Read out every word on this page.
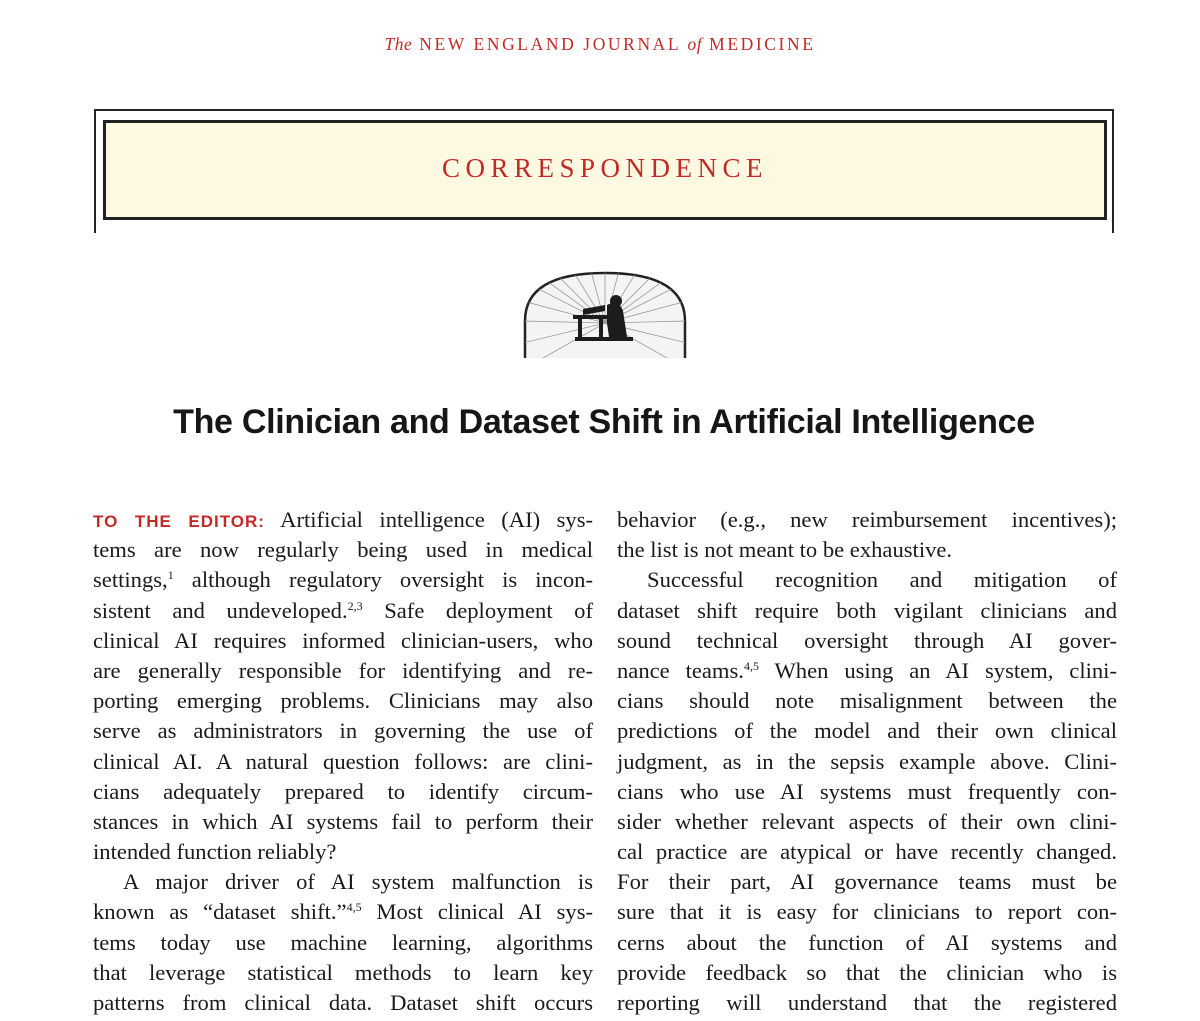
The NEW ENGLAND JOURNAL of MEDICINE
CORRESPONDENCE
The Clinician and Dataset Shift in Artificial Intelligence
TO THE EDITOR: Artificial intelligence (AI) sys-
tems are now regularly being used in medical
settings,$^1$ although regulatory oversight is incon-
sistent and undeveloped.$^{2,3}$ Safe deployment of
clinical AI requires informed clinician-users, who
are generally responsible for identifying and re-
porting emerging problems. Clinicians may also
serve as administrators in governing the use of
clinical AI. A natural question follows: are clini-
cians adequately prepared to identify circum-
stances in which AI systems fail to perform their
intended function reliably?
A major driver of AI system malfunction is
known as “dataset shift.”$^{4,5}$ Most clinical AI sys-
tems today use machine learning, algorithms
that leverage statistical methods to learn key
patterns from clinical data. Dataset shift occurs
behavior (e.g., new reimbursement incentives);
the list is not meant to be exhaustive.
Successful recognition and mitigation of
dataset shift require both vigilant clinicians and
sound technical oversight through AI gover-
nance teams.$^{4,5}$ When using an AI system, clini-
cians should note misalignment between the
predictions of the model and their own clinical
judgment, as in the sepsis example above. Clini-
cians who use AI systems must frequently con-
sider whether relevant aspects of their own clini-
cal practice are atypical or have recently changed.
For their part, AI governance teams must be
sure that it is easy for clinicians to report con-
cerns about the function of AI systems and
provide feedback so that the clinician who is
reporting will understand that the registered
